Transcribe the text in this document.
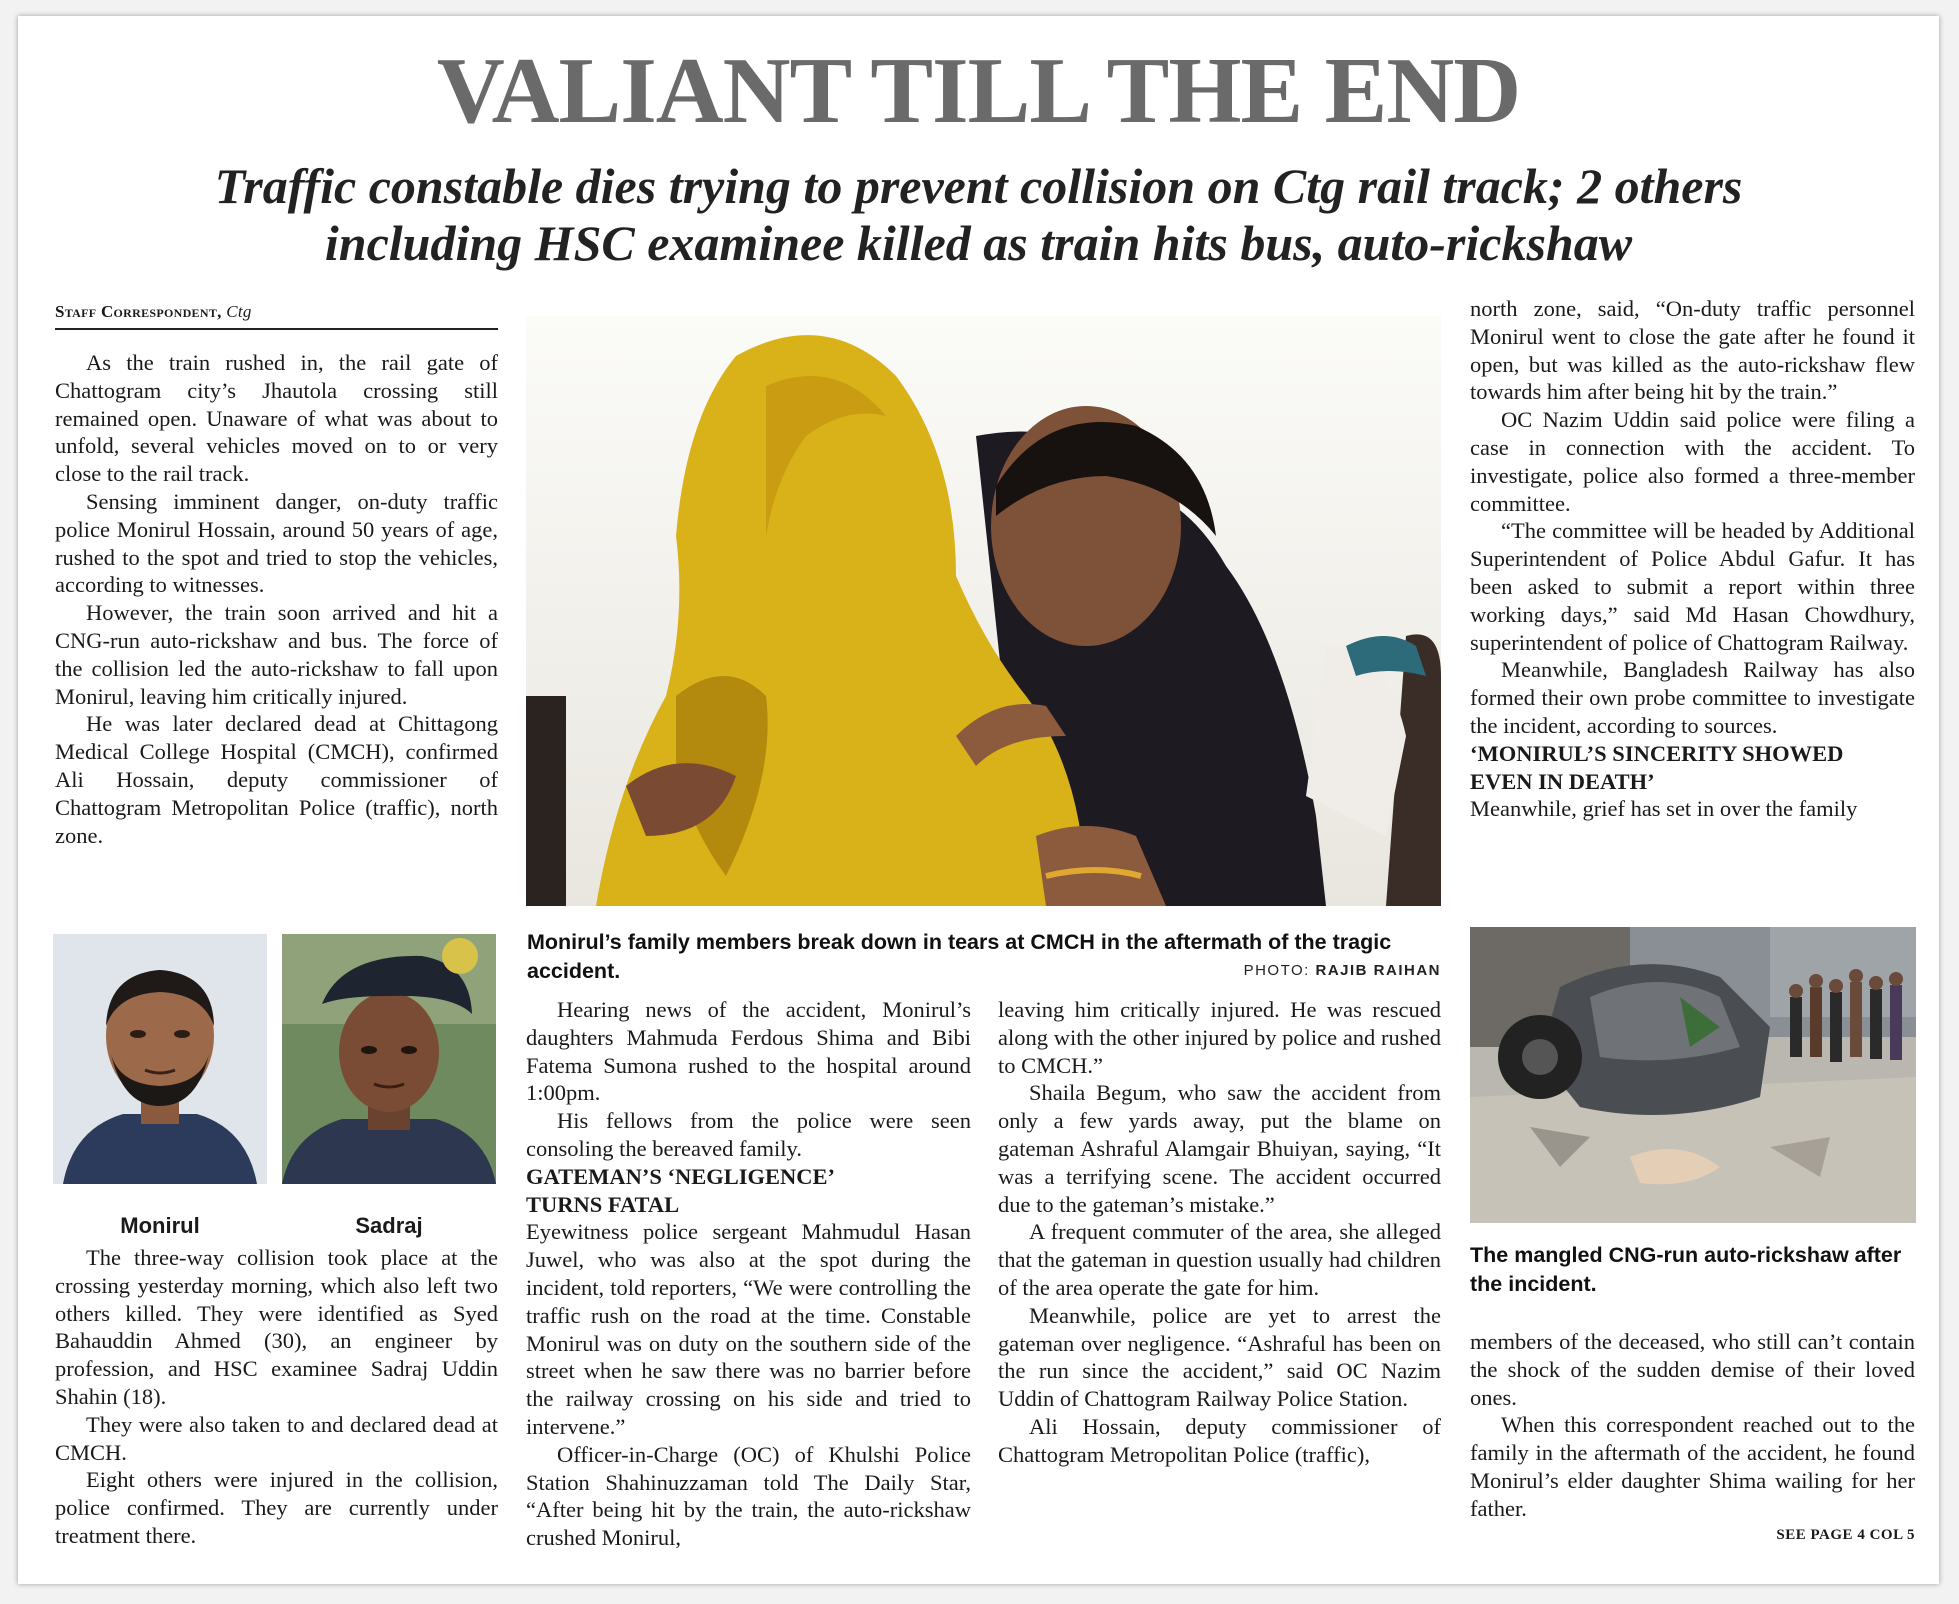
VALIANT TILL THE END
Traffic constable dies trying to prevent collision on Ctg rail track; 2 others
including HSC examinee killed as train hits bus, auto-rickshaw
Staff Correspondent, Ctg

As the train rushed in, the rail gate of Chattogram city’s Jhautola crossing still remained open. Unaware of what was about to unfold, several vehicles moved on to or very close to the rail track.

Sensing imminent danger, on-duty traffic police Monirul Hossain, around 50 years of age, rushed to the spot and tried to stop the vehicles, according to witnesses.

However, the train soon arrived and hit a CNG-run auto-rickshaw and bus. The force of the collision led the auto-rickshaw to fall upon Monirul, leaving him critically injured.

He was later declared dead at Chittagong Medical College Hospital (CMCH), confirmed Ali Hossain, deputy commissioner of Chattogram Metropolitan Police (traffic), north zone.

Monirul	Sadraj

The three-way collision took place at the crossing yesterday morning, which also left two others killed. They were identified as Syed Bahauddin Ahmed (30), an engineer by profession, and HSC examinee Sadraj Uddin Shahin (18).

They were also taken to and declared dead at CMCH.

Eight others were injured in the collision, police confirmed. They are currently under treatment there.

Monirul’s family members break down in tears at CMCH in the aftermath of the tragic accident.	PHOTO: RAJIB RAIHAN

Hearing news of the accident, Monirul’s daughters Mahmuda Ferdous Shima and Bibi Fatema Sumona rushed to the hospital around 1:00pm.

His fellows from the police were seen consoling the bereaved family.

GATEMAN’S ‘NEGLIGENCE’
TURNS FATAL

Eyewitness police sergeant Mahmudul Hasan Juwel, who was also at the spot during the incident, told reporters, “We were controlling the traffic rush on the road at the time. Constable Monirul was on duty on the southern side of the street when he saw there was no barrier before the railway crossing on his side and tried to intervene.”

Officer-in-Charge (OC) of Khulshi Police Station Shahinuzzaman told The Daily Star, “After being hit by the train, the auto-rickshaw crushed Monirul,

leaving him critically injured. He was rescued along with the other injured by police and rushed to CMCH.”

Shaila Begum, who saw the accident from only a few yards away, put the blame on gateman Ashraful Alamgair Bhuiyan, saying, “It was a terrifying scene. The accident occurred due to the gateman’s mistake.”

A frequent commuter of the area, she alleged that the gateman in question usually had children of the area operate the gate for him.

Meanwhile, police are yet to arrest the gateman over negligence. “Ashraful has been on the run since the accident,” said OC Nazim Uddin of Chattogram Railway Police Station.

Ali Hossain, deputy commissioner of Chattogram Metropolitan Police (traffic),

north zone, said, “On-duty traffic personnel Monirul went to close the gate after he found it open, but was killed as the auto-rickshaw flew towards him after being hit by the train.”

OC Nazim Uddin said police were filing a case in connection with the accident. To investigate, police also formed a three-member committee.

“The committee will be headed by Additional Superintendent of Police Abdul Gafur. It has been asked to submit a report within three working days,” said Md Hasan Chowdhury, superintendent of police of Chattogram Railway.

Meanwhile, Bangladesh Railway has also formed their own probe committee to investigate the incident, according to sources.

‘MONIRUL’S SINCERITY SHOWED
EVEN IN DEATH’

Meanwhile, grief has set in over the family

The mangled CNG-run auto-rickshaw after the incident.

members of the deceased, who still can’t contain the shock of the sudden demise of their loved ones.

When this correspondent reached out to the family in the aftermath of the accident, he found Monirul’s elder daughter Shima wailing for her father.

SEE PAGE 4 COL 5
